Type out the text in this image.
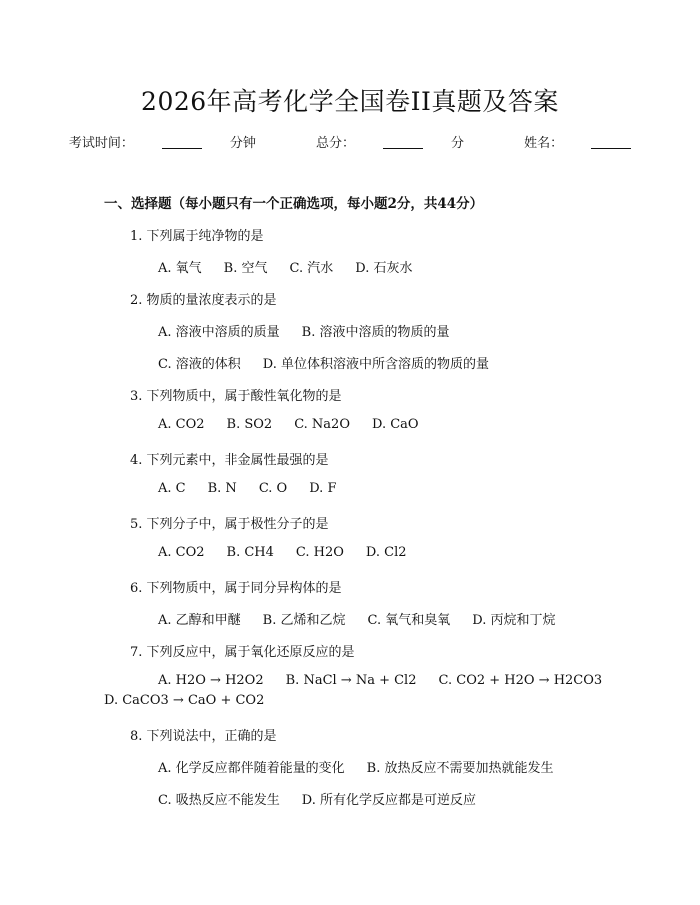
2026年高考化学全国卷II真题及答案
考试时间：	分钟	总分：	分	姓名：
一、选择题（每小题只有一个正确选项，每小题2分，共44分）
1. 下列属于纯净物的是
A. 氧气 B. 空气 C. 汽水 D. 石灰水
2. 物质的量浓度表示的是
A. 溶液中溶质的质量 B. 溶液中溶质的物质的量
C. 溶液的体积 D. 单位体积溶液中所含溶质的物质的量
3. 下列物质中，属于酸性氧化物的是
A. CO2 B. SO2 C. Na2O D. CaO
4. 下列元素中，非金属性最强的是
A. C B. N C. O D. F
5. 下列分子中，属于极性分子的是
A. CO2 B. CH4 C. H2O D. Cl2
6. 下列物质中，属于同分异构体的是
A. 乙醇和甲醚 B. 乙烯和乙烷 C. 氧气和臭氧 D. 丙烷和丁烷
7. 下列反应中，属于氧化还原反应的是
A. H2O → H2O2 B. NaCl → Na + Cl2 C. CO2 + H2O → H2CO3
D. CaCO3 → CaO + CO2
8. 下列说法中，正确的是
A. 化学反应都伴随着能量的变化 B. 放热反应不需要加热就能发生
C. 吸热反应不能发生 D. 所有化学反应都是可逆反应
